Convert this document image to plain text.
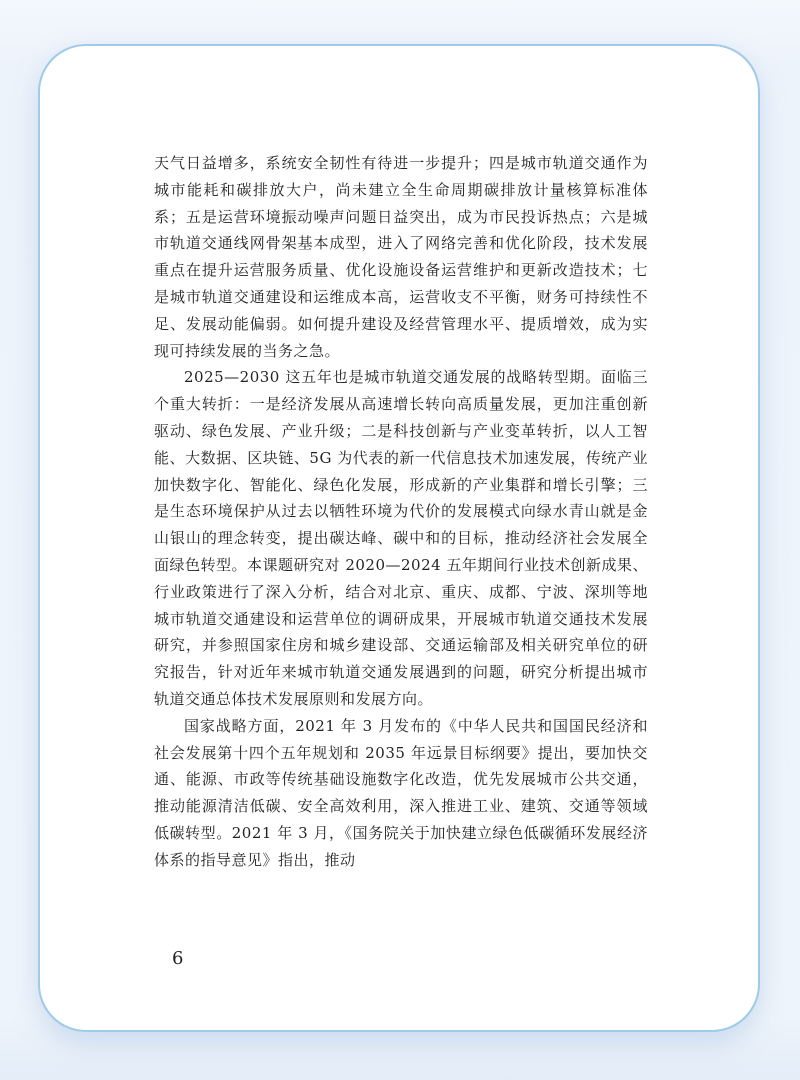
天气日益增多，系统安全韧性有待进一步提升；四是城市轨道交通作为城市能耗和碳排放大户，尚未建立全生命周期碳排放计量核算标准体系；五是运营环境振动噪声问题日益突出，成为市民投诉热点；六是城市轨道交通线网骨架基本成型，进入了网络完善和优化阶段，技术发展重点在提升运营服务质量、优化设施设备运营维护和更新改造技术；七是城市轨道交通建设和运维成本高，运营收支不平衡，财务可持续性不足、发展动能偏弱。如何提升建设及经营管理水平、提质增效，成为实现可持续发展的当务之急。

2025—2030 这五年也是城市轨道交通发展的战略转型期。面临三个重大转折：一是经济发展从高速增长转向高质量发展，更加注重创新驱动、绿色发展、产业升级；二是科技创新与产业变革转折，以人工智能、大数据、区块链、5G 为代表的新一代信息技术加速发展，传统产业加快数字化、智能化、绿色化发展，形成新的产业集群和增长引擎；三是生态环境保护从过去以牺牲环境为代价的发展模式向绿水青山就是金山银山的理念转变，提出碳达峰、碳中和的目标，推动经济社会发展全面绿色转型。本课题研究对 2020—2024 五年期间行业技术创新成果、行业政策进行了深入分析，结合对北京、重庆、成都、宁波、深圳等地城市轨道交通建设和运营单位的调研成果，开展城市轨道交通技术发展研究，并参照国家住房和城乡建设部、交通运输部及相关研究单位的研究报告，针对近年来城市轨道交通发展遇到的问题，研究分析提出城市轨道交通总体技术发展原则和发展方向。

国家战略方面，2021 年 3 月发布的《中华人民共和国国民经济和社会发展第十四个五年规划和 2035 年远景目标纲要》提出，要加快交通、能源、市政等传统基础设施数字化改造，优先发展城市公共交通，推动能源清洁低碳、安全高效利用，深入推进工业、建筑、交通等领域低碳转型。2021 年 3 月，《国务院关于加快建立绿色低碳循环发展经济体系的指导意见》指出，推动

6
